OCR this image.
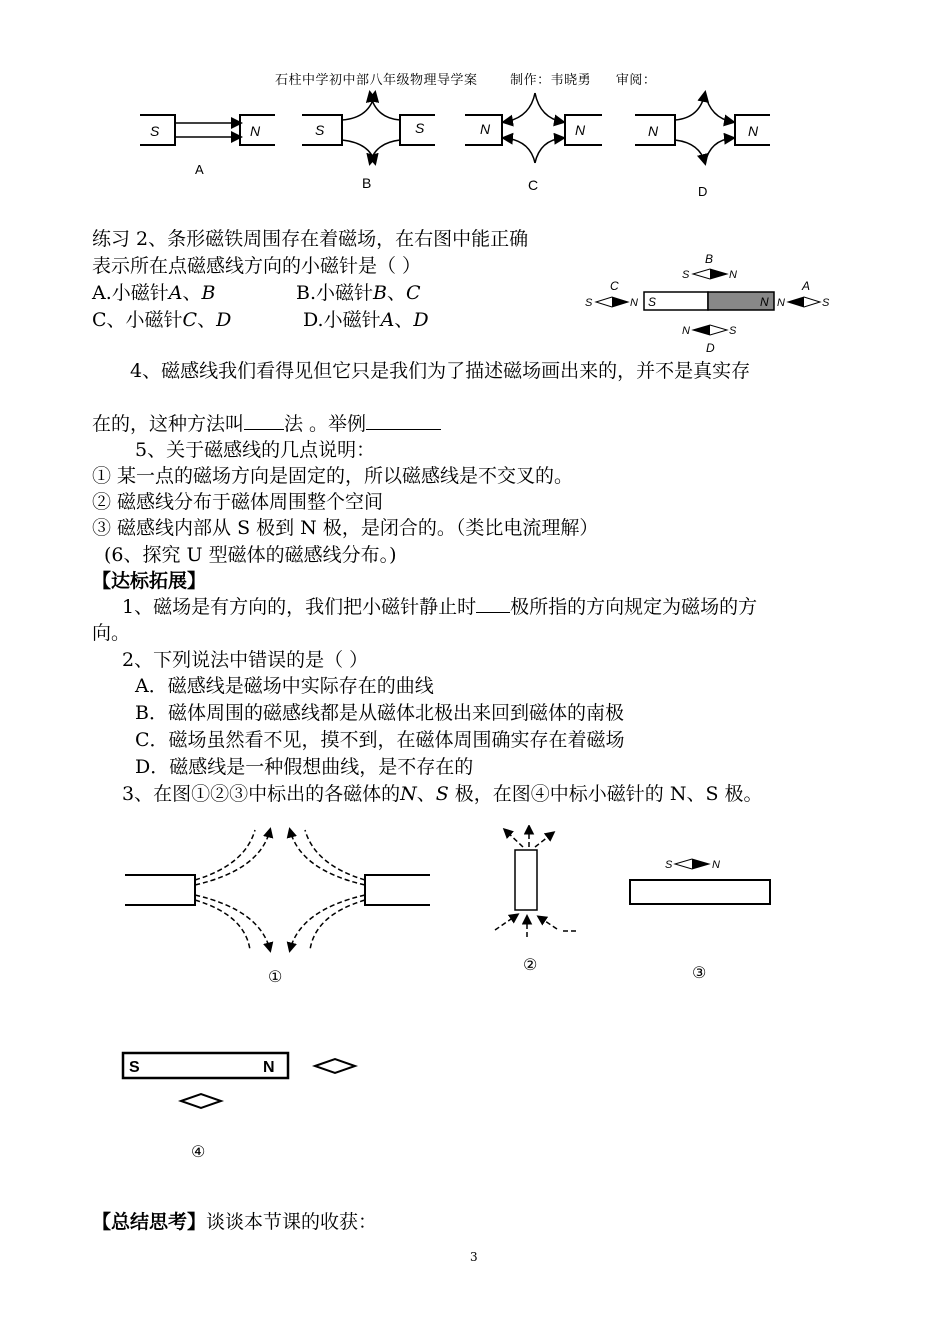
石柱中学初中部八年级物理导学案	制作：韦晓勇 审阅：
S	N
A
S	S
B
N	N
C
N	N
D
练习 2、条形磁铁周围存在着磁场，在右图中能正确
表示所在点磁感线方向的小磁针是（ ）
A.小磁针A、B	B.小磁针B、C
C、小磁针C、D	D.小磁针A、D
S	N
B
S	N
C
S	N
A
N	S
N	S
D
4、磁感线我们看得见但它只是我们为了描述磁场画出来的，并不是真实存
在的，这种方法叫 法 。举例
5、关于磁感线的几点说明：
① 某一点的磁场方向是固定的，所以磁感线是不交叉的。
② 磁感线分布于磁体周围整个空间
③ 磁感线内部从 S 极到 N 极，是闭合的。（类比电流理解）
(6、探究 U 型磁体的磁感线分布。)
【达标拓展】
1、磁场是有方向的，我们把小磁针静止时 极所指的方向规定为磁场的方
向。
2、下列说法中错误的是（ ）
A．磁感线是磁场中实际存在的曲线
B．磁体周围的磁感线都是从磁体北极出来回到磁体的南极
C．磁场虽然看不见，摸不到，在磁体周围确实存在着磁场
D．磁感线是一种假想曲线，是不存在的
3、在图①②③中标出的各磁体的N、S 极，在图④中标小磁针的 N、S 极。
①
②
S	N
③
S	N
④
【总结思考】谈谈本节课的收获：
3
